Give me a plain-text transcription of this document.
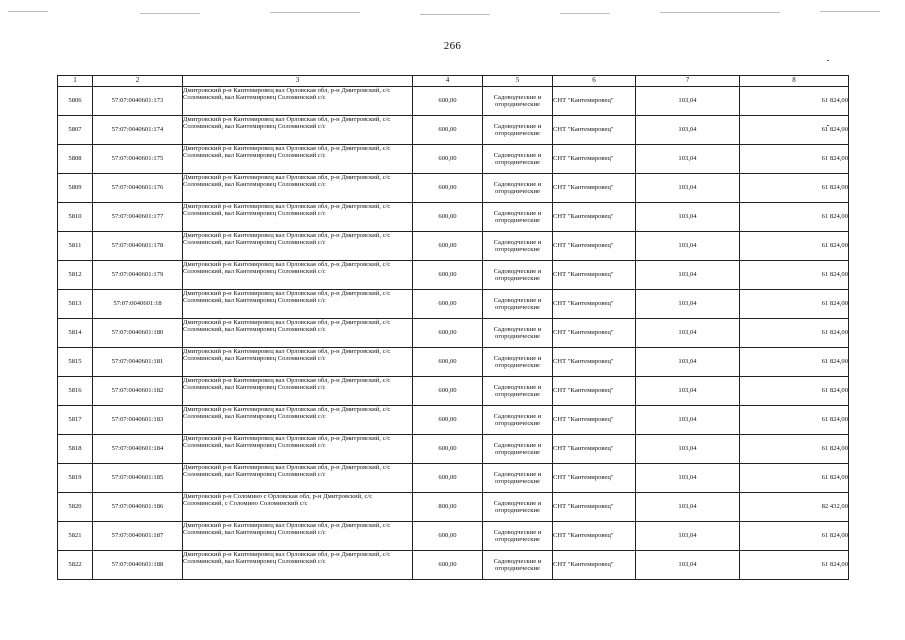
266
1	2	3	4	5	6	7	8
5806	57:07:0040601:173	Дмитровский р-н Кантемировец вал Орловская обл, р-н Дмитровский, с/с Соломинский, вал Кантемировец Соломинский с/с	600,00	Садоводческие и огороднические	СНТ "Кантемировец"	103,04	61 824,00
5807	57:07:0040601:174	Дмитровский р-н Кантемировец вал Орловская обл, р-н Дмитровский, с/с Соломинский, вал Кантемировец Соломинский с/с	600,00	Садоводческие и огороднические	СНТ "Кантемировец"	103,04	61 824,00
5808	57:07:0040601:175	Дмитровский р-н Кантемировец вал Орловская обл, р-н Дмитровский, с/с Соломинский, вал Кантемировец Соломинский с/с	600,00	Садоводческие и огороднические	СНТ "Кантемировец"	103,04	61 824,00
5809	57:07:0040601:176	Дмитровский р-н Кантемировец вал Орловская обл, р-н Дмитровский, с/с Соломинский, вал Кантемировец Соломинский с/с	600,00	Садоводческие и огороднические	СНТ "Кантемировец"	103,04	61 824,00
5810	57:07:0040601:177	Дмитровский р-н Кантемировец вал Орловская обл, р-н Дмитровский, с/с Соломинский, вал Кантемировец Соломинский с/с	600,00	Садоводческие и огороднические	СНТ "Кантемировец"	103,04	61 824,00
5811	57:07:0040601:178	Дмитровский р-н Кантемировец вал Орловская обл, р-н Дмитровский, с/с Соломинский, вал Кантемировец Соломинский с/с	600,00	Садоводческие и огороднические	СНТ "Кантемировец"	103,04	61 824,00
5812	57:07:0040601:179	Дмитровский р-н Кантемировец вал Орловская обл, р-н Дмитровский, с/с Соломинский, вал Кантемировец Соломинский с/с	600,00	Садоводческие и огороднические	СНТ "Кантемировец"	103,04	61 824,00
5813	57:07:0040601:18	Дмитровский р-н Кантемировец вал Орловская обл, р-н Дмитровский, с/с Соломинский, вал Кантемировец Соломинский с/с	600,00	Садоводческие и огороднические	СНТ "Кантемировец"	103,04	61 824,00
5814	57:07:0040601:180	Дмитровский р-н Кантемировец вал Орловская обл, р-н Дмитровский, с/с Соломинский, вал Кантемировец Соломинский с/с	600,00	Садоводческие и огороднические	СНТ "Кантемировец"	103,04	61 824,00
5815	57:07:0040601:181	Дмитровский р-н Кантемировец вал Орловская обл, р-н Дмитровский, с/с Соломинский, вал Кантемировец Соломинский с/с	600,00	Садоводческие и огороднические	СНТ "Кантемировец"	103,04	61 824,00
5816	57:07:0040601:182	Дмитровский р-н Кантемировец вал Орловская обл, р-н Дмитровский, с/с Соломинский, вал Кантемировец Соломинский с/с	600,00	Садоводческие и огороднические	СНТ "Кантемировец"	103,04	61 824,00
5817	57:07:0040601:183	Дмитровский р-н Кантемировец вал Орловская обл, р-н Дмитровский, с/с Соломинский, вал Кантемировец Соломинский с/с	600,00	Садоводческие и огороднические	СНТ "Кантемировец"	103,04	61 824,00
5818	57:07:0040601:184	Дмитровский р-н Кантемировец вал Орловская обл, р-н Дмитровский, с/с Соломинский, вал Кантемировец Соломинский с/с	600,00	Садоводческие и огороднические	СНТ "Кантемировец"	103,04	61 824,00
5819	57:07:0040601:185	Дмитровский р-н Кантемировец вал Орловская обл, р-н Дмитровский, с/с Соломинский, вал Кантемировец Соломинский с/с	600,00	Садоводческие и огороднические	СНТ "Кантемировец"	103,04	61 824,00
5820	57:07:0040601:186	Дмитровский р-н Соломино с Орловская обл, р-н Дмитровский, с/с Соломинский, с Соломино Соломинский с/с	800,00	Садоводческие и огороднические	СНТ "Кантемировец"	103,04	82 432,00
5821	57:07:0040601:187	Дмитровский р-н Кантемировец вал Орловская обл, р-н Дмитровский, с/с Соломинский, вал Кантемировец Соломинский с/с	600,00	Садоводческие и огороднические	СНТ "Кантемировец"	103,04	61 824,00
5822	57:07:0040601:188	Дмитровский р-н Кантемировец вал Орловская обл, р-н Дмитровский, с/с Соломинский, вал Кантемировец Соломинский с/с	600,00	Садоводческие и огороднические	СНТ "Кантемировец"	103,04	61 824,00
